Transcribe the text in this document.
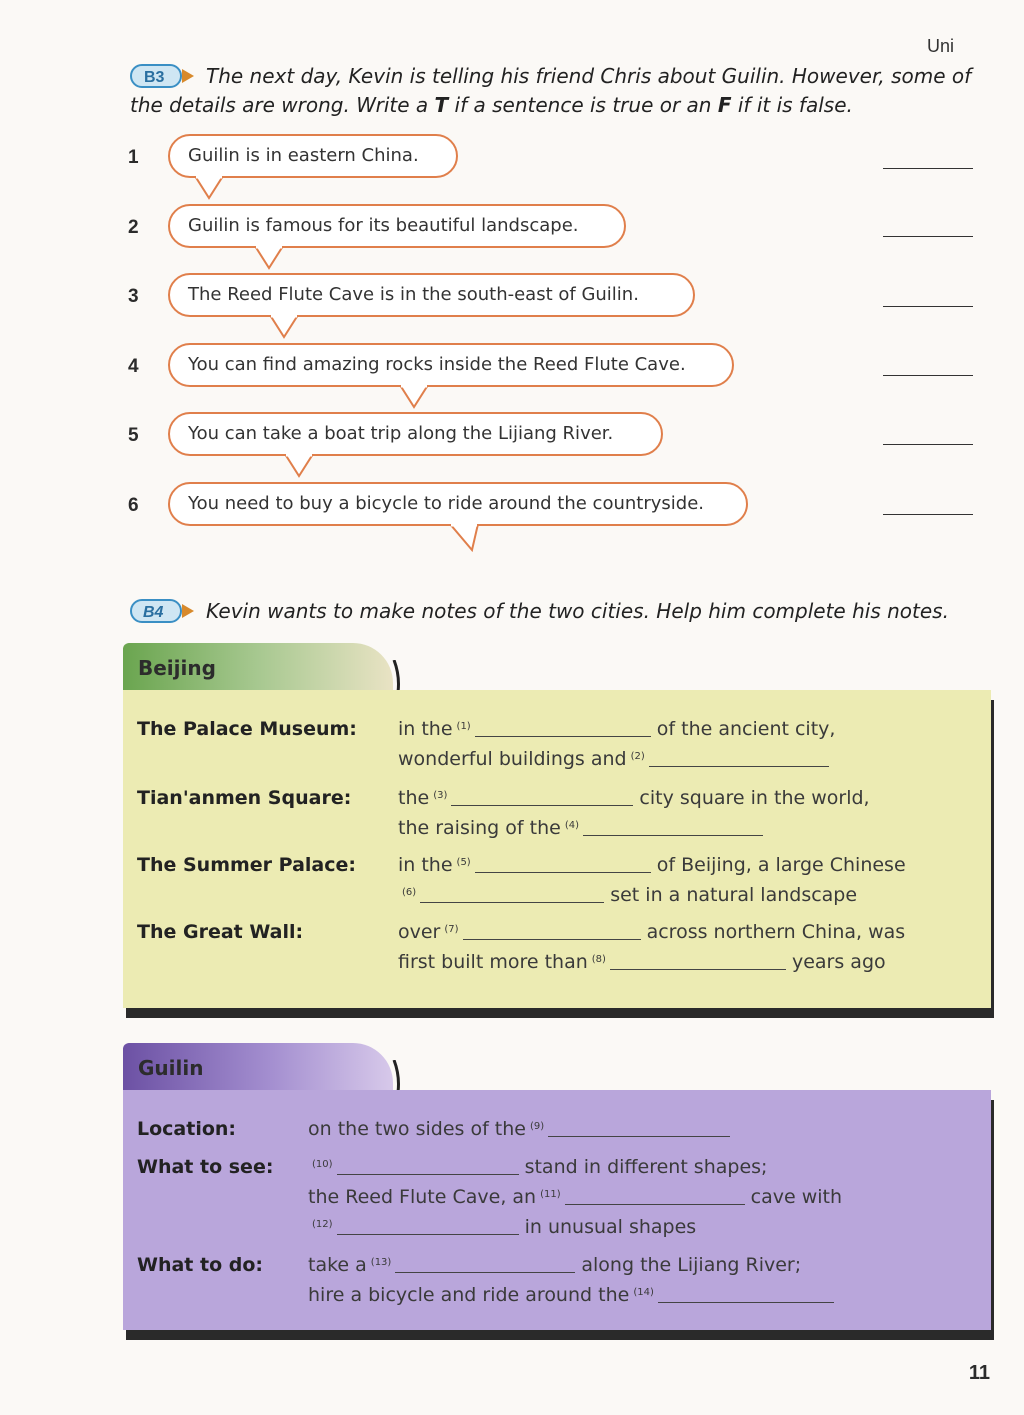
Uni
B3 The next day, Kevin is telling his friend Chris about Guilin. However, some of the details are wrong. Write a T if a sentence is true or an F if it is false.
1	Guilin is in eastern China.
2	Guilin is famous for its beautiful landscape.
3	The Reed Flute Cave is in the south-east of Guilin.
4	You can find amazing rocks inside the Reed Flute Cave.
5	You can take a boat trip along the Lijiang River.
6	You need to buy a bicycle to ride around the countryside.
B4 Kevin wants to make notes of the two cities. Help him complete his notes.
Beijing
The Palace Museum: in the $^{(1)}$	of the ancient city,
wonderful buildings and $^{(2)}$
Tian'anmen Square: the $^{(3)}$	city square in the world,
the raising of the $^{(4)}$
The Summer Palace: in the $^{(5)}$	of Beijing, a large Chinese
$^{(6)}$	set in a natural landscape
The Great Wall:	over $^{(7)}$	across northern China, was
first built more than $^{(8)}$	years ago
Guilin
Location:	on the two sides of the $^{(9)}$
What to see:	$^{(10)}$	stand in different shapes;
the Reed Flute Cave, an $^{(11)}$	cave with
$^{(12)}$	in unusual shapes
What to do: take a $^{(13)}$	along the Lijiang River;
hire a bicycle and ride around the $^{(14)}$
11
